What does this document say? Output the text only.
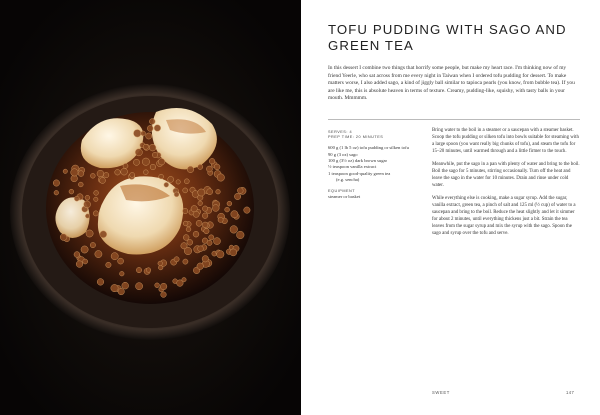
TOFU PUDDING WITH SAGO AND GREEN TEA

In this dessert I combine two things that horrify some people, but make my heart race. I'm thinking now of my friend Yeerle, who sat across from me every night in Taiwan when I ordered tofu pudding for dessert. To make matters worse, I also added sago, a kind of jiggly ball similar to tapioca pearls (you know, from bubble tea). If you are like me, this is absolute heaven in terms of texture. Creamy, pudding-like, squishy, with tasty balls in your mouth. Mmmmm.

SERVES: 4
PREP TIME: 20 MINUTES
600 g (1 lb 5 oz) tofu pudding or silken tofu
90 g (3 oz) sago
100 g (3½ oz) dark brown sugar
½ teaspoon vanilla extract
1 teaspoon good-quality green tea
(e.g. sencha)
EQUIPMENT
steamer or basket

Bring water to the boil in a steamer or a saucepan with a steamer basket. Scoop the tofu pudding or silken tofu into bowls suitable for steaming with a large spoon (you want really big chunks of tofu), and steam the tofu for 15–20 minutes, until warmed through and a little firmer to the touch.

Meanwhile, put the sago in a pan with plenty of water and bring to the boil. Boil the sago for 5 minutes, stirring occasionally. Turn off the heat and leave the sago in the water for 10 minutes. Drain and rinse under cold water.

While everything else is cooking, make a sugar syrup. Add the sugar, vanilla extract, green tea, a pinch of salt and 125 ml (½ cup) of water to a saucepan and bring to the boil. Reduce the heat slightly and let it simmer for about 2 minutes, until everything thickens just a bit. Strain the tea leaves from the sugar syrup and mix the syrup with the sago. Spoon the sago and syrup over the tofu and serve.

SWEET	147
